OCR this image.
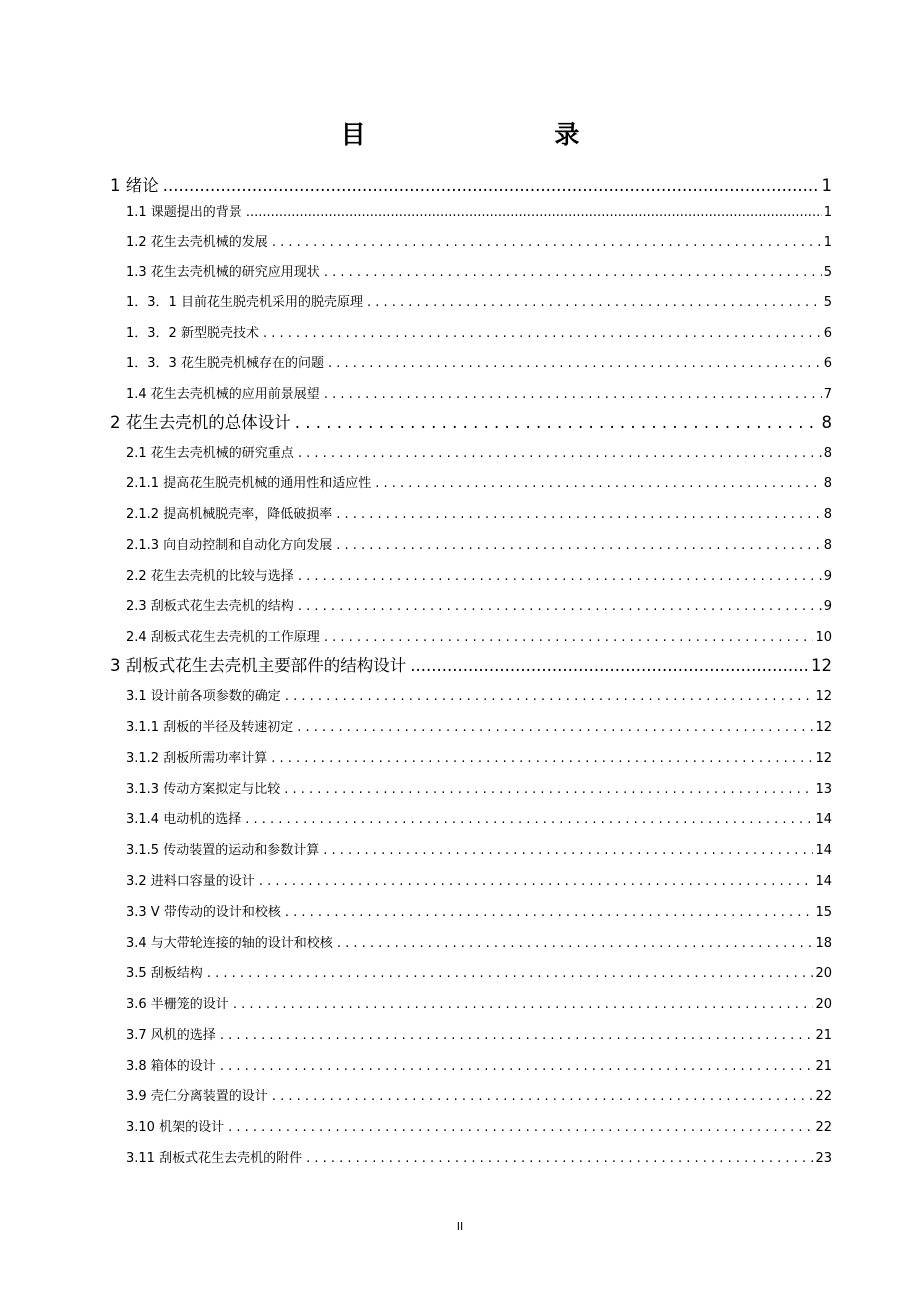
目 录
1 绪论 .....	1
1.1 课题提出的背景 .....	1
1.2 花生去壳机械的发展 . . .	1
1.3 花生去壳机械的研究应用现状 . . .	5
1．3．1 目前花生脱壳机采用的脱壳原理 . . .	5
1．3．2 新型脱壳技术 . . .	6
1．3．3 花生脱壳机械存在的问题 . . .	6
1.4 花生去壳机械的应用前景展望 . . .	7
2 花生去壳机的总体设计 . . .	8
2.1 花生去壳机械的研究重点 . . .	8
2.1.1 提高花生脱壳机械的通用性和适应性 . . .	8
2.1.2 提高机械脱壳率，降低破损率 . . .	8
2.1.3 向自动控制和自动化方向发展 . . .	8
2.2 花生去壳机的比较与选择 . . .	9
2.3 刮板式花生去壳机的结构 . . .	9
2.4 刮板式花生去壳机的工作原理 . . .	10
3 刮板式花生去壳机主要部件的结构设计 .....	12
3.1 设计前各项参数的确定 . . .	12
3.1.1 刮板的半径及转速初定 . . .	12
3.1.2 刮板所需功率计算 . . .	12
3.1.3 传动方案拟定与比较 . . .	13
3.1.4 电动机的选择 . . .	14
3.1.5 传动装置的运动和参数计算 . . .	14
3.2 进料口容量的设计 . . .	14
3.3 V 带传动的设计和校核 . . .	15
3.4 与大带轮连接的轴的设计和校核 . . .	18
3.5 刮板结构 . . .	20
3.6 半栅笼的设计 . . .	20
3.7 风机的选择 . . .	21
3.8 箱体的设计 . . .	21
3.9 壳仁分离装置的设计 . . .	22
3.10 机架的设计 . . .	22
3.11 刮板式花生去壳机的附件 . . .	23
II
